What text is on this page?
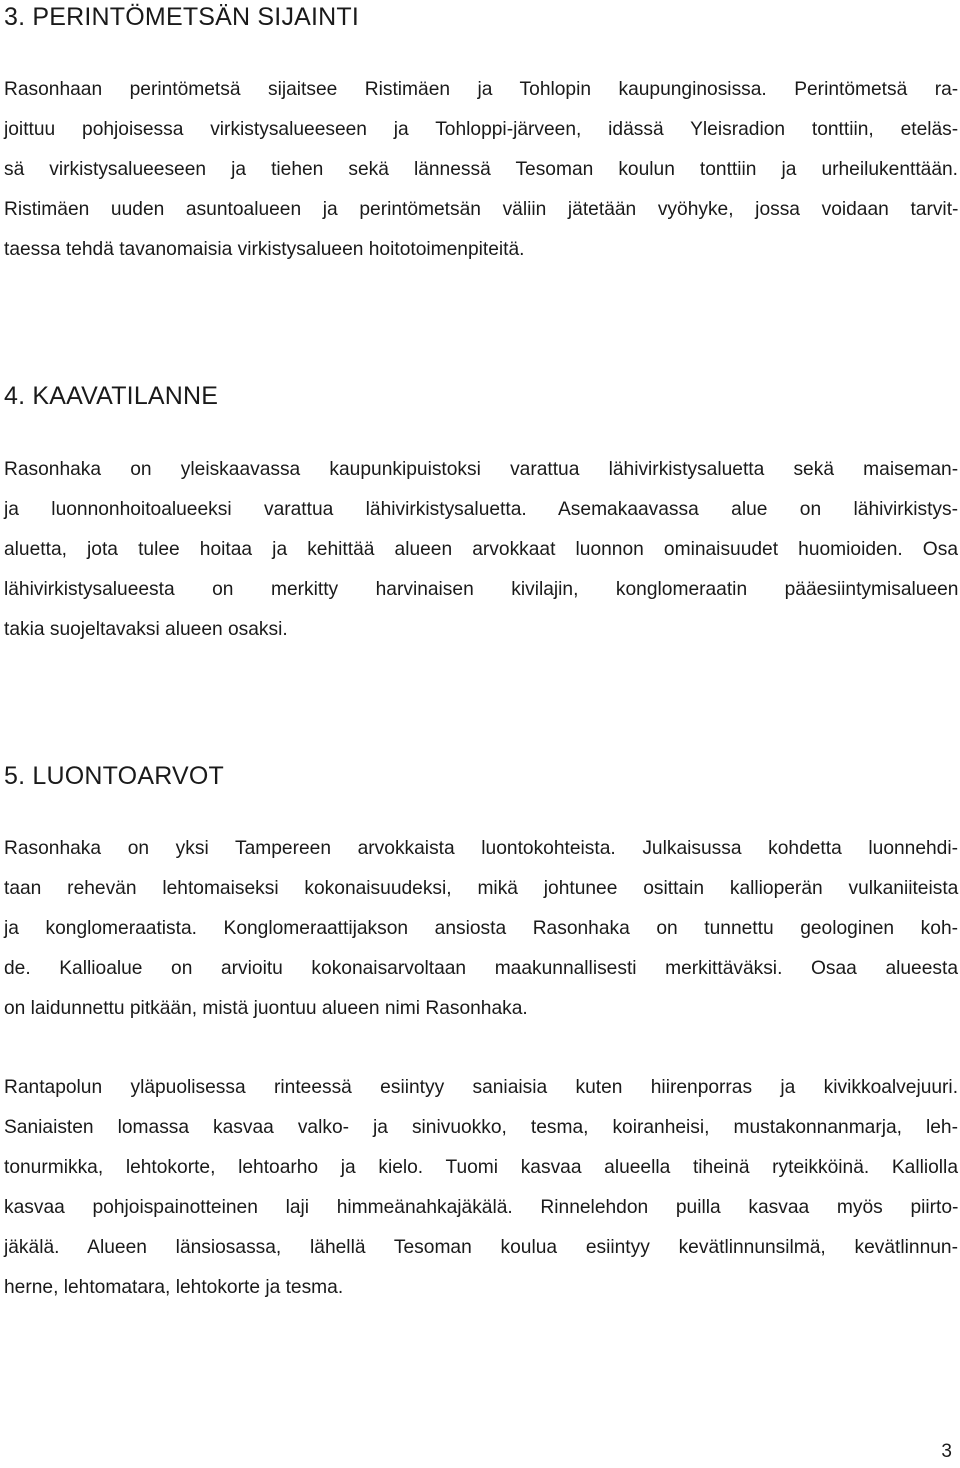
3. PERINTÖMETSÄN SIJAINTI
Rasonhaan perintömetsä sijaitsee Ristimäen ja Tohlopin kaupunginosissa. Perintömetsä ra-
joittuu pohjoisessa virkistysalueeseen ja Tohloppi-järveen, idässä Yleisradion tonttiin, eteläs-
sä virkistysalueeseen ja tiehen sekä lännessä Tesoman koulun tonttiin ja urheilukenttään.
Ristimäen uuden asuntoalueen ja perintömetsän väliin jätetään vyöhyke, jossa voidaan tarvit-
taessa tehdä tavanomaisia virkistysalueen hoitotoimenpiteitä.
4. KAAVATILANNE
Rasonhaka on yleiskaavassa kaupunkipuistoksi varattua lähivirkistysaluetta sekä maiseman-
ja luonnonhoitoalueeksi varattua lähivirkistysaluetta. Asemakaavassa alue on lähivirkistys-
aluetta, jota tulee hoitaa ja kehittää alueen arvokkaat luonnon ominaisuudet huomioiden. Osa
lähivirkistysalueesta on merkitty harvinaisen kivilajin, konglomeraatin pääesiintymisalueen
takia suojeltavaksi alueen osaksi.
5. LUONTOARVOT
Rasonhaka on yksi Tampereen arvokkaista luontokohteista. Julkaisussa kohdetta luonnehdi-
taan rehevän lehtomaiseksi kokonaisuudeksi, mikä johtunee osittain kallioperän vulkaniiteista
ja konglomeraatista. Konglomeraattijakson ansiosta Rasonhaka on tunnettu geologinen koh-
de. Kallioalue on arvioitu kokonaisarvoltaan maakunnallisesti merkittäväksi. Osaa alueesta
on laidunnettu pitkään, mistä juontuu alueen nimi Rasonhaka.
Rantapolun yläpuolisessa rinteessä esiintyy saniaisia kuten hiirenporras ja kivikkoalvejuuri.
Saniaisten lomassa kasvaa valko- ja sinivuokko, tesma, koiranheisi, mustakonnanmarja, leh-
tonurmikka, lehtokorte, lehtoarho ja kielo. Tuomi kasvaa alueella tiheinä ryteikköinä. Kalliolla
kasvaa pohjoispainotteinen laji himmeänahkajäkälä. Rinnelehdon puilla kasvaa myös piirto-
jäkälä. Alueen länsiosassa, lähellä Tesoman koulua esiintyy kevätlinnunsilmä, kevätlinnun-
herne, lehtomatara, lehtokorte ja tesma.
3
